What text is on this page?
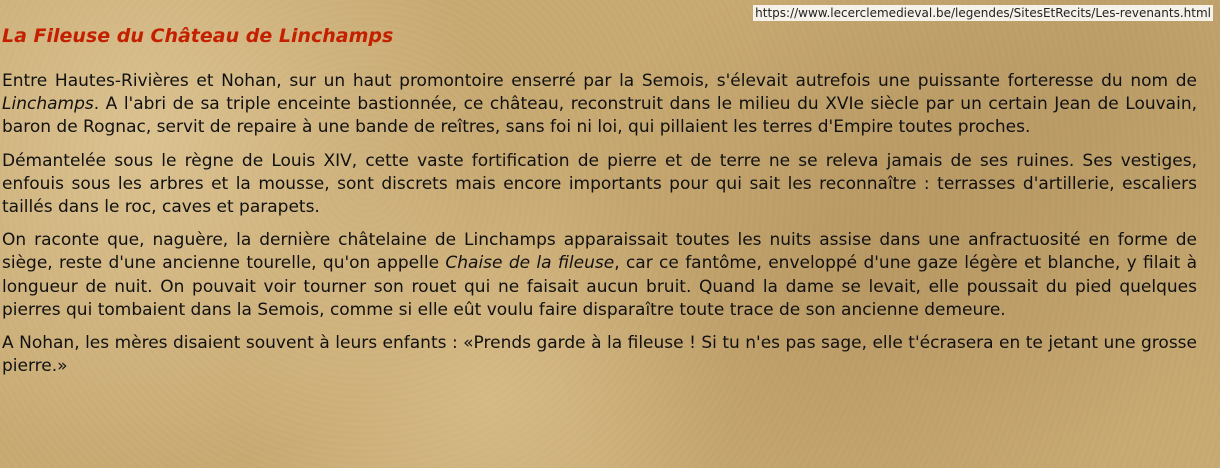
https://www.lecerclemedieval.be/legendes/SitesEtRecits/Les-revenants.html
La Fileuse du Château de Linchamps

Entre Hautes-Rivières et Nohan, sur un haut promontoire enserré par la Semois, s'élevait autrefois une puissante forteresse du nom de Linchamps. A l'abri de sa triple enceinte bastionnée, ce château, reconstruit dans le milieu du XVIe siècle par un certain Jean de Louvain, baron de Rognac, servit de repaire à une bande de reîtres, sans foi ni loi, qui pillaient les terres d'Empire toutes proches.

Démantelée sous le règne de Louis XIV, cette vaste fortification de pierre et de terre ne se releva jamais de ses ruines. Ses vestiges, enfouis sous les arbres et la mousse, sont discrets mais encore importants pour qui sait les reconnaître : terrasses d'artillerie, escaliers taillés dans le roc, caves et parapets.

On raconte que, naguère, la dernière châtelaine de Linchamps apparaissait toutes les nuits assise dans une anfractuosité en forme de siège, reste d'une ancienne tourelle, qu'on appelle Chaise de la fileuse, car ce fantôme, enveloppé d'une gaze légère et blanche, y filait à longueur de nuit. On pouvait voir tourner son rouet qui ne faisait aucun bruit. Quand la dame se levait, elle poussait du pied quelques pierres qui tombaient dans la Semois, comme si elle eût voulu faire disparaître toute trace de son ancienne demeure.

A Nohan, les mères disaient souvent à leurs enfants : «Prends garde à la fileuse ! Si tu n'es pas sage, elle t'écrasera en te jetant une grosse pierre.»
